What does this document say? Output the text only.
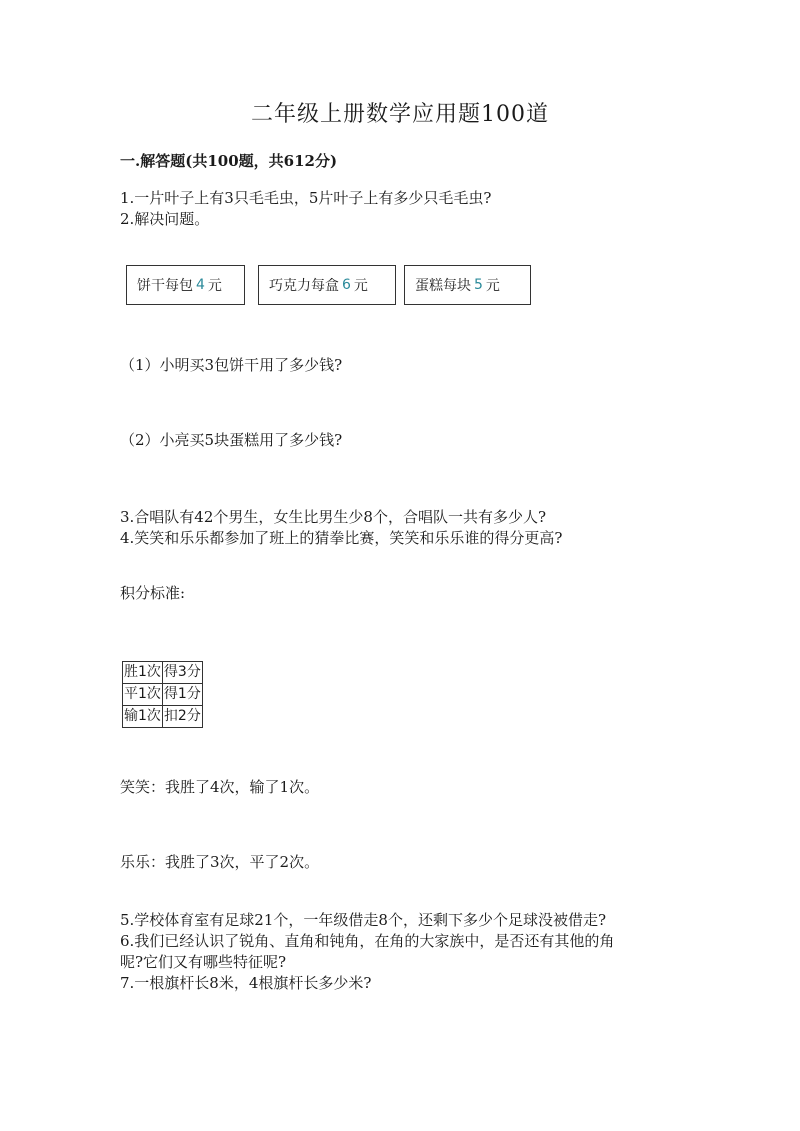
二年级上册数学应用题100道
一.解答题(共100题，共612分)
1.一片叶子上有3只毛毛虫，5片叶子上有多少只毛毛虫?
2.解决问题。
饼干每包 4 元	巧克力每盒 6 元	蛋糕每块 5 元
（1）小明买3包饼干用了多少钱?
（2）小亮买5块蛋糕用了多少钱?
3.合唱队有42个男生，女生比男生少8个，合唱队一共有多少人?
4.笑笑和乐乐都参加了班上的猜拳比赛，笑笑和乐乐谁的得分更高?
积分标准:
胜1次	得3分
平1次	得1分
输1次	扣2分
笑笑：我胜了4次，输了1次。
乐乐：我胜了3次，平了2次。
5.学校体育室有足球21个，一年级借走8个，还剩下多少个足球没被借走?
6.我们已经认识了锐角、直角和钝角，在角的大家族中，是否还有其他的角
呢?它们又有哪些特征呢?
7.一根旗杆长8米，4根旗杆长多少米?
